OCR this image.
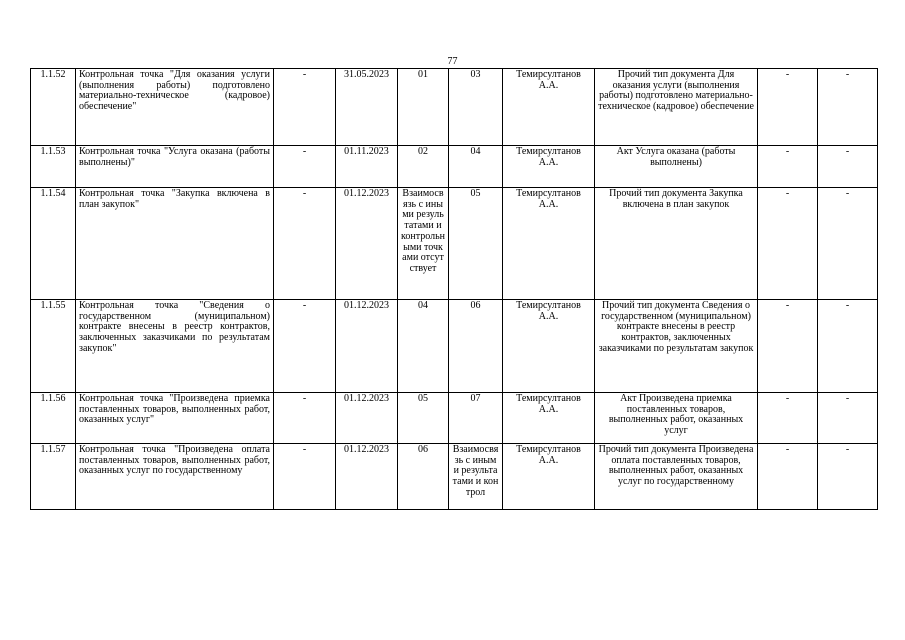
77
1.1.52	Контрольная точка "Для оказания услуги (выполнения работы) подготовлено материально-техническое (кадровое) обеспечение"	-	31.05.2023	01	03	Темирсултанов А.А.	Прочий тип документа Для оказания услуги (выполнения работы) подготовлено материально-техническое (кадровое) обеспечение	-	-
1.1.53	Контрольная точка "Услуга оказана (работы выполнены)"	-	01.11.2023	02	04	Темирсултанов А.А.	Акт Услуга оказана (работы выполнены)	-	-
1.1.54	Контрольная точка "Закупка включена в план закупок"	-	01.12.2023	Взаимосвязь с иными результатами и контрольными точками отсутствует	05	Темирсултанов А.А.	Прочий тип документа Закупка включена в план закупок	-	-
1.1.55	Контрольная точка "Сведения о государственном (муниципальном) контракте внесены в реестр контрактов, заключенных заказчиками по результатам закупок"	-	01.12.2023	04	06	Темирсултанов А.А.	Прочий тип документа Сведения о государственном (муниципальном) контракте внесены в реестр контрактов, заключенных заказчиками по результатам закупок	-	-
1.1.56	Контрольная точка "Произведена приемка поставленных товаров, выполненных работ, оказанных услуг"	-	01.12.2023	05	07	Темирсултанов А.А.	Акт Произведена приемка поставленных товаров, выполненных работ, оказанных услуг	-	-
1.1.57	Контрольная точка "Произведена оплата поставленных товаров, выполненных работ, оказанных услуг по государственному	-	01.12.2023	06	Взаимосвязь с иными результатами и контрол	Темирсултанов А.А.	Прочий тип документа Произведена оплата поставленных товаров, выполненных работ, оказанных услуг по государственному	-	-
